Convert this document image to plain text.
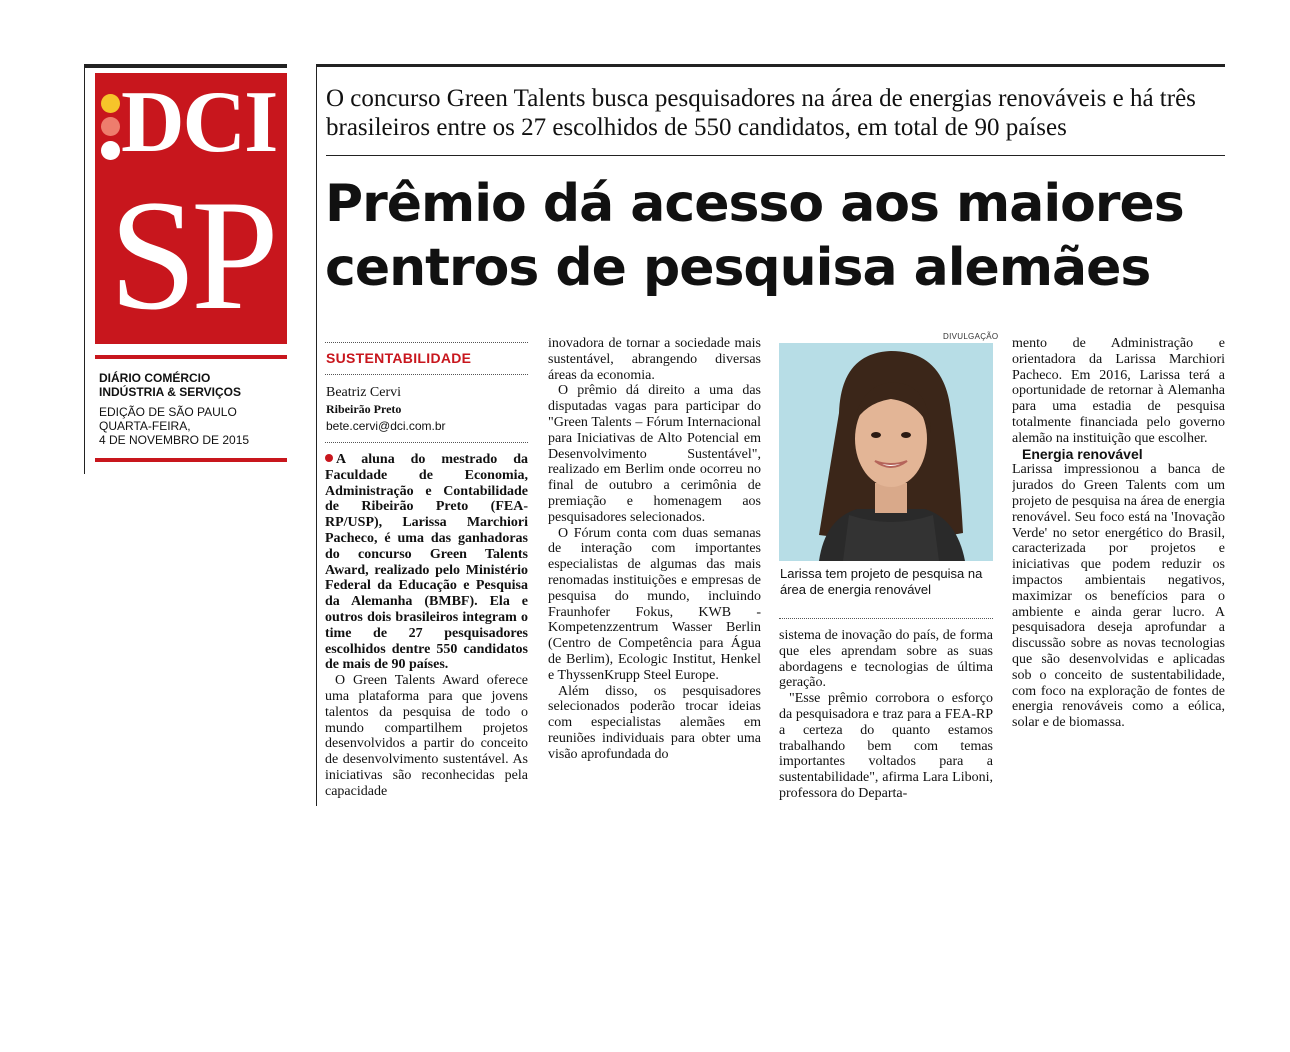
DCI
SP
DIÁRIO COMÉRCIO
INDÚSTRIA & SERVIÇOS
EDIÇÃO DE SÃO PAULO
QUARTA-FEIRA,
4 DE NOVEMBRO DE 2015
O concurso Green Talents busca pesquisadores na área de energias renováveis e há três brasileiros entre os 27 escolhidos de 550 candidatos, em total de 90 países
Prêmio dá acesso aos maiores
centros de pesquisa alemães
SUSTENTABILIDADE
Beatriz Cervi
Ribeirão Preto
bete.cervi@dci.com.br

A aluna do mestrado da Faculdade de Economia, Administração e Contabilidade de Ribeirão Preto (FEA-RP/USP), Larissa Marchiori Pacheco, é uma das ganhadoras do concurso Green Talents Award, realizado pelo Ministério Federal da Educação e Pesquisa da Alemanha (BMBF). Ela e outros dois brasileiros integram o time de 27 pesquisadores escolhidos dentre 550 candidatos de mais de 90 países.

O Green Talents Award oferece uma plataforma para que jovens talentos da pesquisa de todo o mundo compartilhem projetos desenvolvidos a partir do conceito de desenvolvimento sustentável. As iniciativas são reconhecidas pela capacidade

inovadora de tornar a sociedade mais sustentável, abrangendo diversas áreas da economia.

O prêmio dá direito a uma das disputadas vagas para participar do "Green Talents – Fórum Internacional para Iniciativas de Alto Potencial em Desenvolvimento Sustentável", realizado em Berlim onde ocorreu no final de outubro a cerimônia de premiação e homenagem aos pesquisadores selecionados.

O Fórum conta com duas semanas de interação com importantes especialistas de algumas das mais renomadas instituições e empresas de pesquisa do mundo, incluindo Fraunhofer Fokus, KWB - Kompetenzzentrum Wasser Berlin (Centro de Competência para Água de Berlim), Ecologic Institut, Henkel e ThyssenKrupp Steel Europe.

Além disso, os pesquisadores selecionados poderão trocar ideias com especialistas alemães em reuniões individuais para obter uma visão aprofundada do

DIVULGAÇÃO
Larissa tem projeto de pesquisa na área de energia renovável

sistema de inovação do país, de forma que eles aprendam sobre as suas abordagens e tecnologias de última geração.

"Esse prêmio corrobora o esforço da pesquisadora e traz para a FEA-RP a certeza do quanto estamos trabalhando bem com temas importantes voltados para a sustentabilidade", afirma Lara Liboni, professora do Departa-

mento de Administração e orientadora da Larissa Marchiori Pacheco. Em 2016, Larissa terá a oportunidade de retornar à Alemanha para uma estadia de pesquisa totalmente financiada pelo governo alemão na instituição que escolher.

Energia renovável

Larissa impressionou a banca de jurados do Green Talents com um projeto de pesquisa na área de energia renovável. Seu foco está na 'Inovação Verde' no setor energético do Brasil, caracterizada por projetos e iniciativas que podem reduzir os impactos ambientais negativos, maximizar os benefícios para o ambiente e ainda gerar lucro. A pesquisadora deseja aprofundar a discussão sobre as novas tecnologias que são desenvolvidas e aplicadas sob o conceito de sustentabilidade, com foco na exploração de fontes de energia renováveis como a eólica, solar e de biomassa.
